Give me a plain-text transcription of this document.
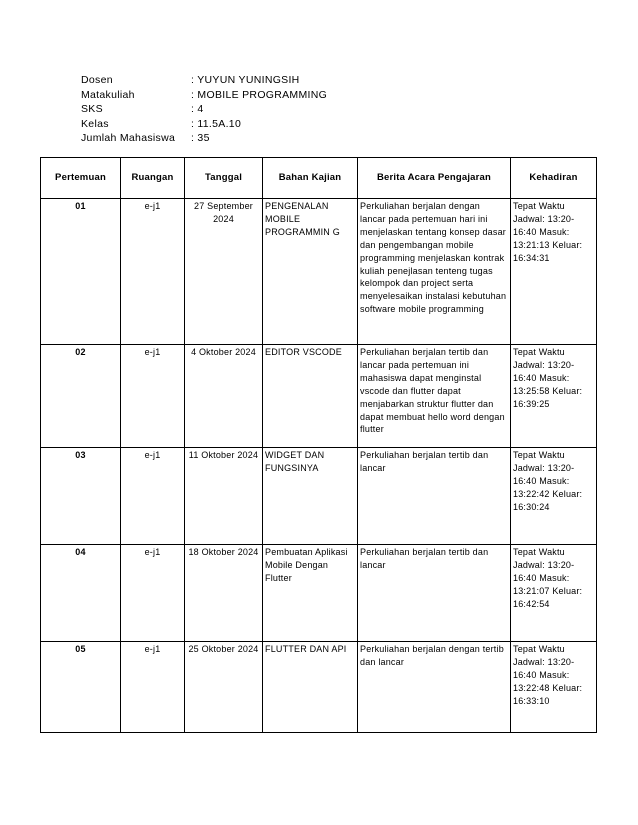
Dosen	: YUYUN YUNINGSIH
Matakuliah	: MOBILE PROGRAMMING
SKS	: 4
Kelas	: 11.5A.10
Jumlah Mahasiswa	: 35
Pertemuan	Ruangan	Tanggal	Bahan Kajian	Berita Acara Pengajaran	Kehadiran
01	e-j1	27 September 2024	PENGENALAN MOBILE PROGRAMMIN G	Perkuliahan berjalan dengan lancar pada pertemuan hari ini menjelaskan tentang konsep dasar dan pengembangan mobile programming menjelaskan kontrak kuliah penejlasan tenteng tugas kelompok dan project serta menyelesaikan instalasi kebutuhan software mobile programming	Tepat Waktu Jadwal: 13:20-16:40 Masuk: 13:21:13 Keluar: 16:34:31
02	e-j1	4 Oktober 2024	EDITOR VSCODE	Perkuliahan berjalan tertib dan lancar pada pertemuan ini mahasiswa dapat menginstal vscode dan flutter dapat menjabarkan struktur flutter dan dapat membuat hello word dengan flutter	Tepat Waktu Jadwal: 13:20-16:40 Masuk: 13:25:58 Keluar: 16:39:25
03	e-j1	11 Oktober 2024	WIDGET DAN FUNGSINYA	Perkuliahan berjalan tertib dan lancar	Tepat Waktu Jadwal: 13:20-16:40 Masuk: 13:22:42 Keluar: 16:30:24
04	e-j1	18 Oktober 2024	Pembuatan Aplikasi Mobile Dengan Flutter	Perkuliahan berjalan tertib dan lancar	Tepat Waktu Jadwal: 13:20-16:40 Masuk: 13:21:07 Keluar: 16:42:54
05	e-j1	25 Oktober 2024	FLUTTER DAN API	Perkuliahan berjalan dengan tertib dan lancar	Tepat Waktu Jadwal: 13:20-16:40 Masuk: 13:22:48 Keluar: 16:33:10
